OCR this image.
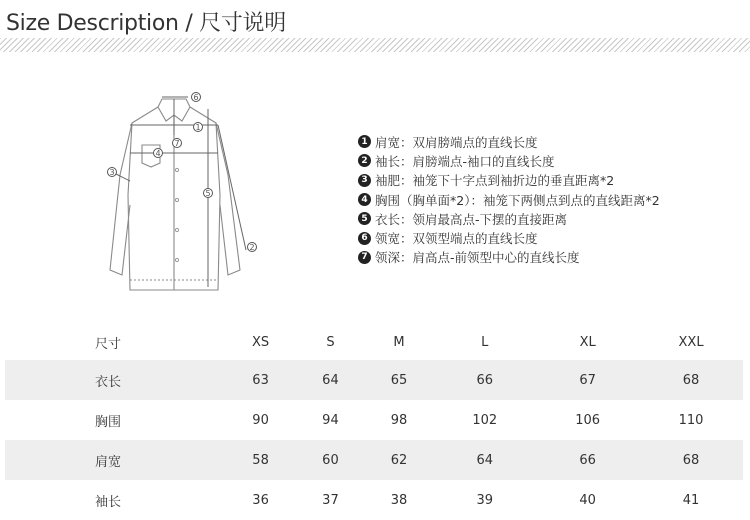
Size Description / 尺寸说明
6
1
7
4
5
3
2
1 肩宽：双肩膀端点的直线长度
2 袖长：肩膀端点-袖口的直线长度
3 袖肥：袖笼下十字点到袖折边的垂直距离*2
4 胸围（胸单面*2）：袖笼下两侧点到点的直线距离*2
5 衣长：领肩最高点-下摆的直接距离
6 领宽：双领型端点的直线长度
7 领深：肩高点-前领型中心的直线长度
尺寸	XS	S	M	L	XL	XXL
衣长	63	64	65	66	67	68
胸围	90	94	98	102	106	110
肩宽	58	60	62	64	66	68
袖长	36	37	38	39	40	41
